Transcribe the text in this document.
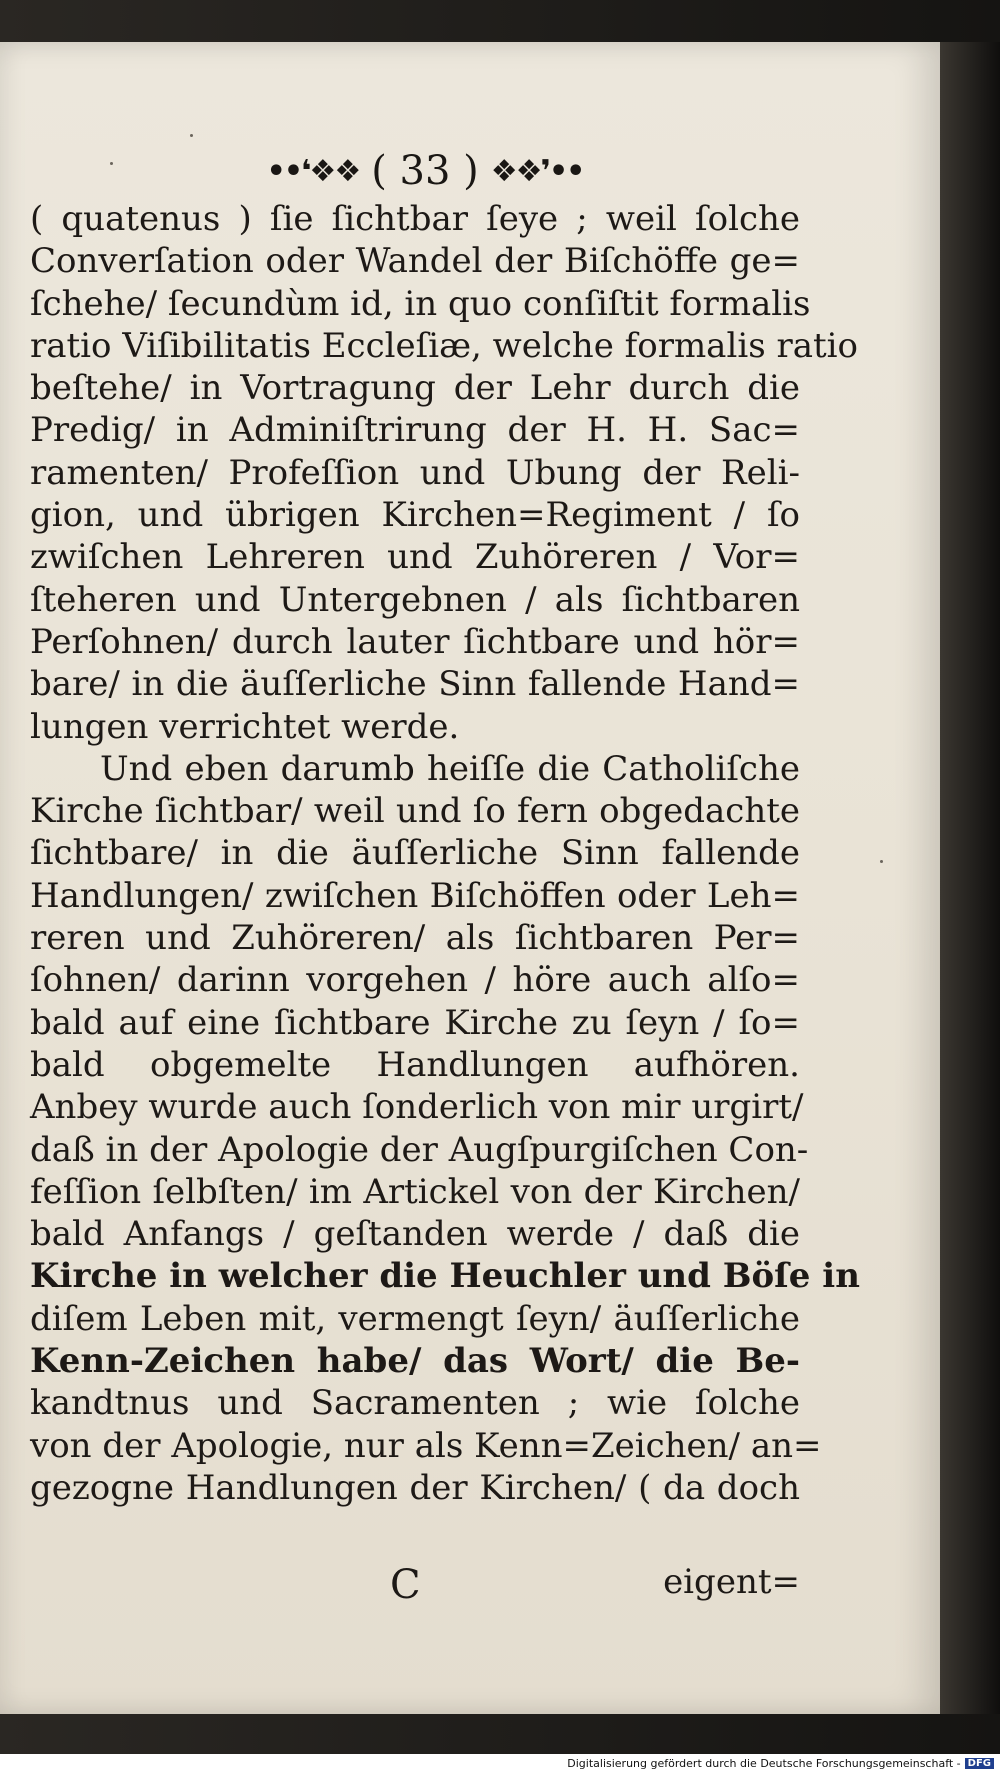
••❛❖❖ ( 33 ) ❖❖❜••
( quatenus ) ſie ſichtbar ſeye ; weil ſolche
Converſation oder Wandel der Biſchöffe ge=
ſchehe/ ſecundùm id, in quo conſiſtit formalis
ratio Viſibilitatis Eccleſiæ, welche formalis ratio
beſtehe/ in Vortragung der Lehr durch die
Predig/ in Adminiſtrirung der H. H. Sac=
ramenten/ Profeſſion und Ubung der Reli-
gion, und übrigen Kirchen=Regiment / ſo
zwiſchen Lehreren und Zuhöreren / Vor=
ſteheren und Untergebnen / als ſichtbaren
Perſohnen/ durch lauter ſichtbare und hör=
bare/ in die äuſſerliche Sinn fallende Hand=
lungen verrichtet werde.
Und eben darumb heiſſe die Catholiſche
Kirche ſichtbar/ weil und ſo fern obgedachte
ſichtbare/ in die äuſſerliche Sinn fallende
Handlungen/ zwiſchen Biſchöffen oder Leh=
reren und Zuhöreren/ als ſichtbaren Per=
ſohnen/ darinn vorgehen / höre auch alſo=
bald auf eine ſichtbare Kirche zu ſeyn / ſo=
bald obgemelte Handlungen aufhören.
Anbey wurde auch ſonderlich von mir urgirt/
daß in der Apologie der Augſpurgiſchen Con-
feſſion ſelbſten/ im Artickel von der Kirchen/
bald Anfangs / geſtanden werde / daß die
Kirche in welcher die Heuchler und Böſe in
diſem Leben mit, vermengt ſeyn/ äuſſerliche
Kenn-Zeichen habe/ das Wort/ die Be-
kandtnus und Sacramenten ; wie ſolche
von der Apologie, nur als Kenn=Zeichen/ an=
gezogne Handlungen der Kirchen/ ( da doch
C	eigent=
Digitalisierung gefördert durch die Deutsche Forschungsgemeinschaft - DFG
